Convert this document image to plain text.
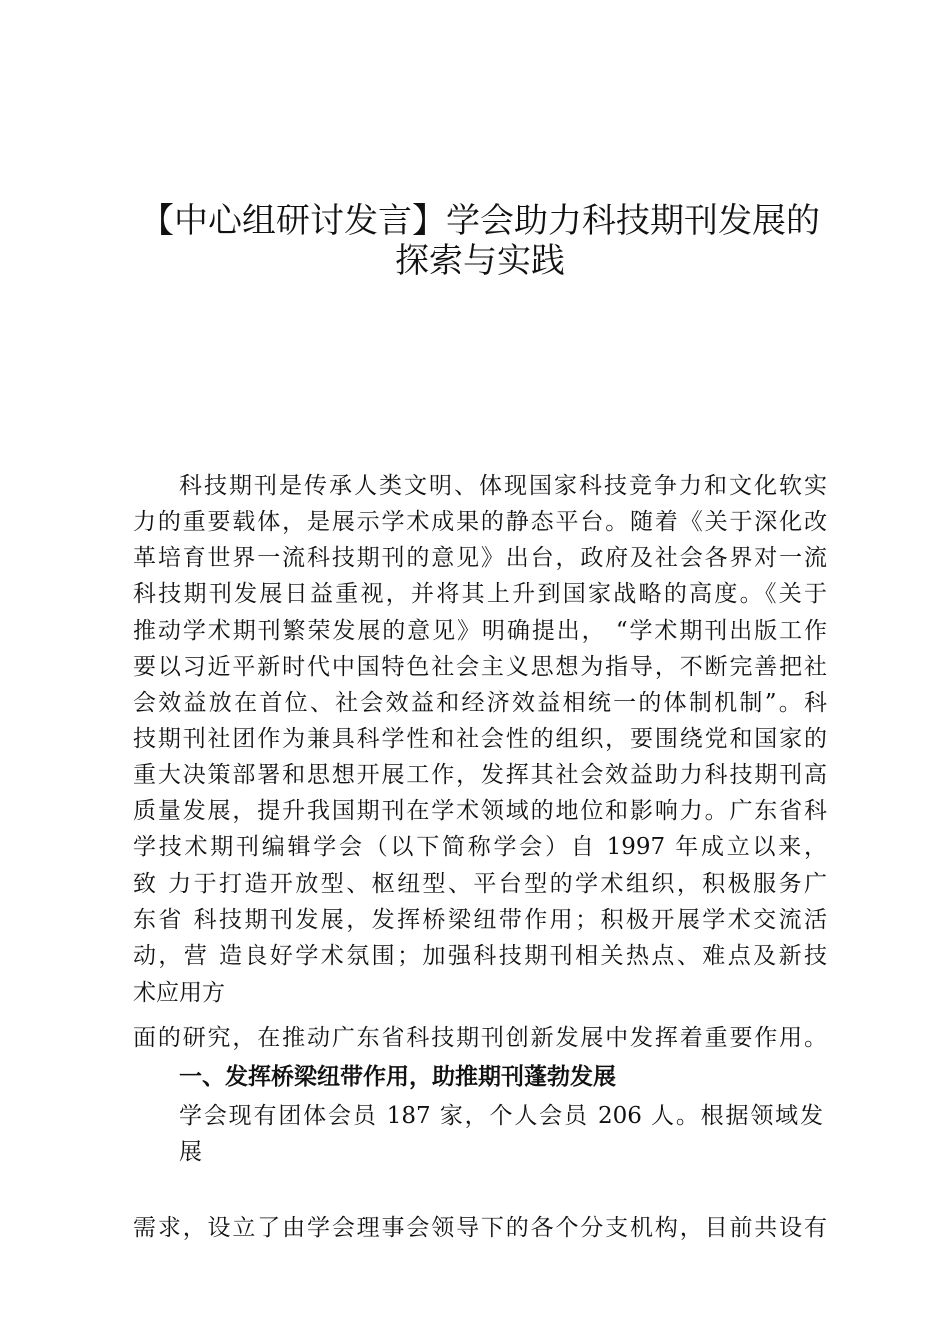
【中心组研讨发言】学会助力科技期刊发展的
探索与实践
科技期刊是传承人类文明、体现国家科技竞争力和文化软实
力的重要载体，是展示学术成果的静态平台。随着《关于深化改
革培育世界一流科技期刊的意见》出台，政府及社会各界对一流
科技期刊发展日益重视，并将其上升到国家战略的高度。《关于
推动学术期刊繁荣发展的意见》明确提出， “学术期刊出版工作
要以习近平新时代中国特色社会主义思想为指导，不断完善把社
会效益放在首位、社会效益和经济效益相统一的体制机制”。科
技期刊社团作为兼具科学性和社会性的组织，要围绕党和国家的
重大决策部署和思想开展工作，发挥其社会效益助力科技期刊高
质量发展，提升我国期刊在学术领域的地位和影响力。广东省科
学技术期刊编辑学会（以下简称学会）自 1997 年成立以来，
致 力于打造开放型、枢纽型、平台型的学术组织，积极服务广
东省 科技期刊发展，发挥桥梁纽带作用；积极开展学术交流活
动，营 造良好学术氛围；加强科技期刊相关热点、难点及新技
术应用方
面的研究，在推动广东省科技期刊创新发展中发挥着重要作用。
一、发挥桥梁纽带作用，助推期刊蓬勃发展
学会现有团体会员 187 家，个人会员 206 人。根据领域发
展
需求，设立了由学会理事会领导下的各个分支机构，目前共设有
